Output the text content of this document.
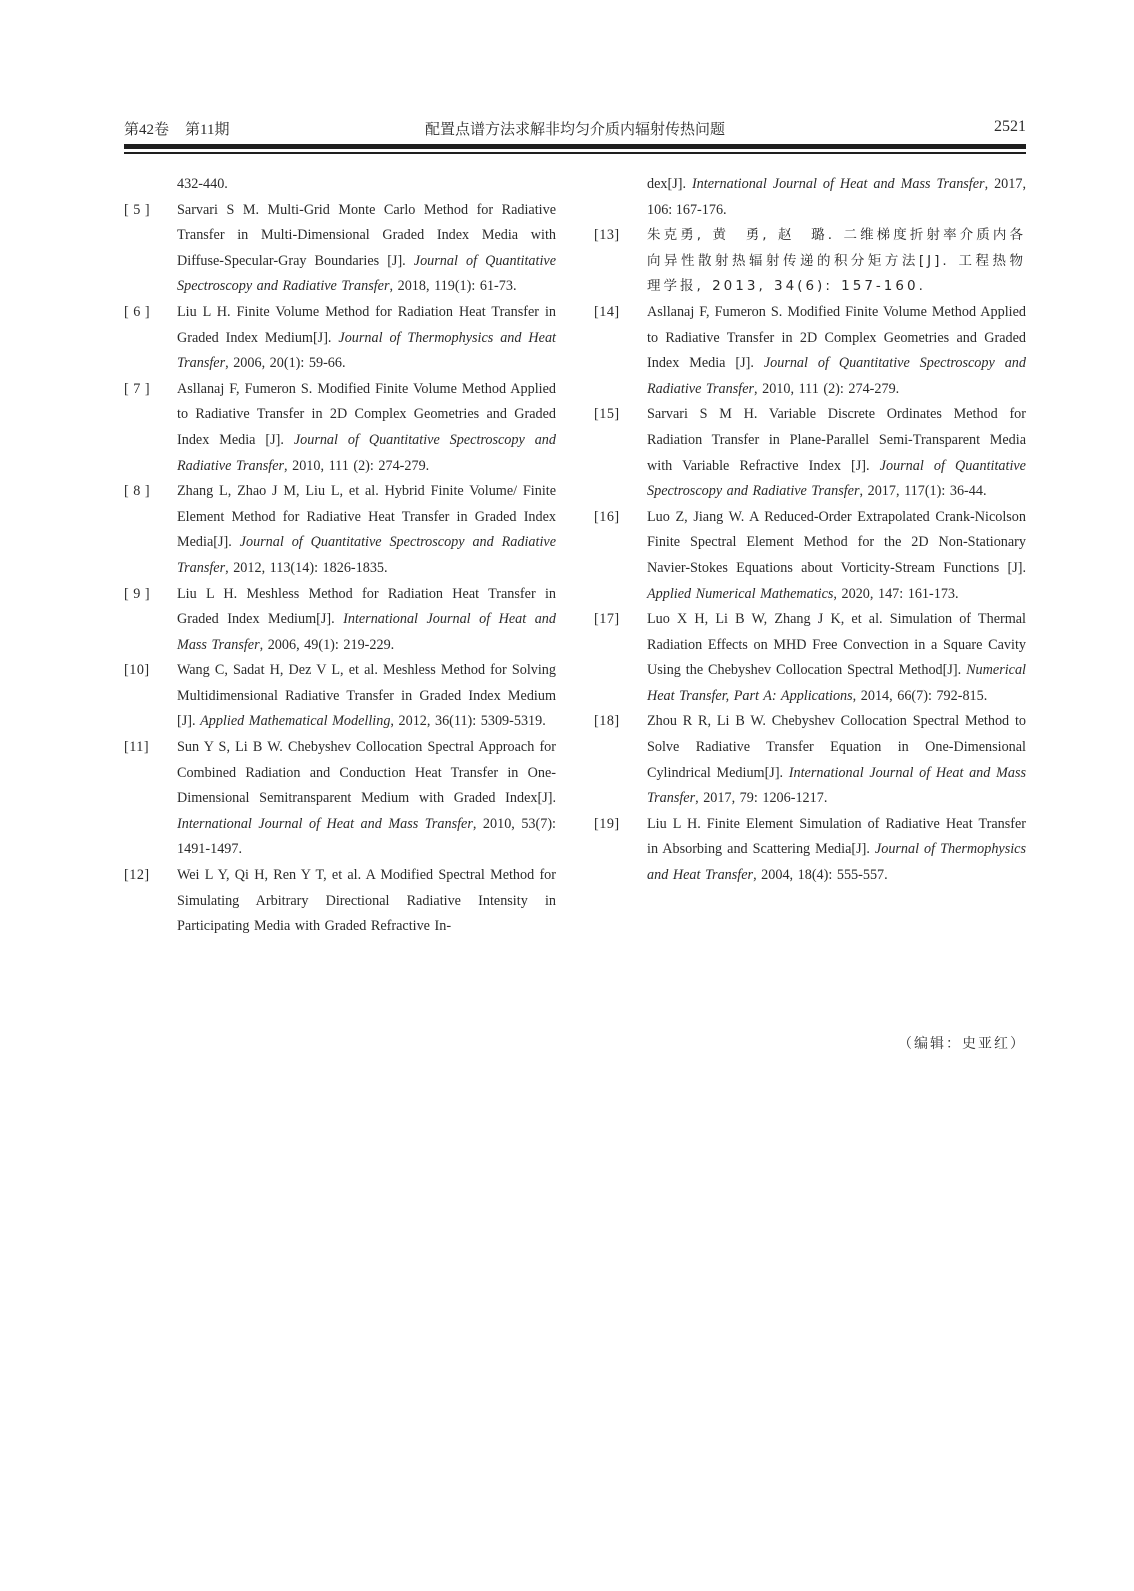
第42卷 第11期	配置点谱方法求解非均匀介质内辐射传热问题	2521

432-440.

[ 5 ] Sarvari S M. Multi-Grid Monte Carlo Method for Radiative Transfer in Multi-Dimensional Graded Index Media with Diffuse-Specular-Gray Boundaries [J]. Journal of Quantitative Spectroscopy and Radiative Transfer, 2018, 119(1): 61-73.

[ 6 ] Liu L H. Finite Volume Method for Radiation Heat Transfer in Graded Index Medium[J]. Journal of Thermophysics and Heat Transfer, 2006, 20(1): 59-66.

[ 7 ] Asllanaj F, Fumeron S. Modified Finite Volume Method Applied to Radiative Transfer in 2D Complex Geometries and Graded Index Media [J]. Journal of Quantitative Spectroscopy and Radiative Transfer, 2010, 111 (2): 274-279.

[ 8 ] Zhang L, Zhao J M, Liu L, et al. Hybrid Finite Volume/ Finite Element Method for Radiative Heat Transfer in Graded Index Media[J]. Journal of Quantitative Spectroscopy and Radiative Transfer, 2012, 113(14): 1826-1835.

[ 9 ] Liu L H. Meshless Method for Radiation Heat Transfer in Graded Index Medium[J]. International Journal of Heat and Mass Transfer, 2006, 49(1): 219-229.

[10] Wang C, Sadat H, Dez V L, et al. Meshless Method for Solving Multidimensional Radiative Transfer in Graded Index Medium [J]. Applied Mathematical Modelling, 2012, 36(11): 5309-5319.

[11] Sun Y S, Li B W. Chebyshev Collocation Spectral Approach for Combined Radiation and Conduction Heat Transfer in One-Dimensional Semitransparent Medium with Graded Index[J]. International Journal of Heat and Mass Transfer, 2010, 53(7): 1491-1497.

[12] Wei L Y, Qi H, Ren Y T, et al. A Modified Spectral Method for Simulating Arbitrary Directional Radiative Intensity in Participating Media with Graded Refractive In-

dex[J]. International Journal of Heat and Mass Transfer, 2017, 106: 167-176.

[13] 朱克勇, 黄　勇, 赵　璐. 二维梯度折射率介质内各向异性散射热辐射传递的积分矩方法[J]. 工程热物理学报, 2013, 34(6): 157-160.

[14] Asllanaj F, Fumeron S. Modified Finite Volume Method Applied to Radiative Transfer in 2D Complex Geometries and Graded Index Media [J]. Journal of Quantitative Spectroscopy and Radiative Transfer, 2010, 111 (2): 274-279.

[15] Sarvari S M H. Variable Discrete Ordinates Method for Radiation Transfer in Plane-Parallel Semi-Transparent Media with Variable Refractive Index [J]. Journal of Quantitative Spectroscopy and Radiative Transfer, 2017, 117(1): 36-44.

[16] Luo Z, Jiang W. A Reduced-Order Extrapolated Crank-Nicolson Finite Spectral Element Method for the 2D Non-Stationary Navier-Stokes Equations about Vorticity-Stream Functions [J]. Applied Numerical Mathematics, 2020, 147: 161-173.

[17] Luo X H, Li B W, Zhang J K, et al. Simulation of Thermal Radiation Effects on MHD Free Convection in a Square Cavity Using the Chebyshev Collocation Spectral Method[J]. Numerical Heat Transfer, Part A: Applications, 2014, 66(7): 792-815.

[18] Zhou R R, Li B W. Chebyshev Collocation Spectral Method to Solve Radiative Transfer Equation in One-Dimensional Cylindrical Medium[J]. International Journal of Heat and Mass Transfer, 2017, 79: 1206-1217.

[19] Liu L H. Finite Element Simulation of Radiative Heat Transfer in Absorbing and Scattering Media[J]. Journal of Thermophysics and Heat Transfer, 2004, 18(4): 555-557.

（编辑：史亚红）
